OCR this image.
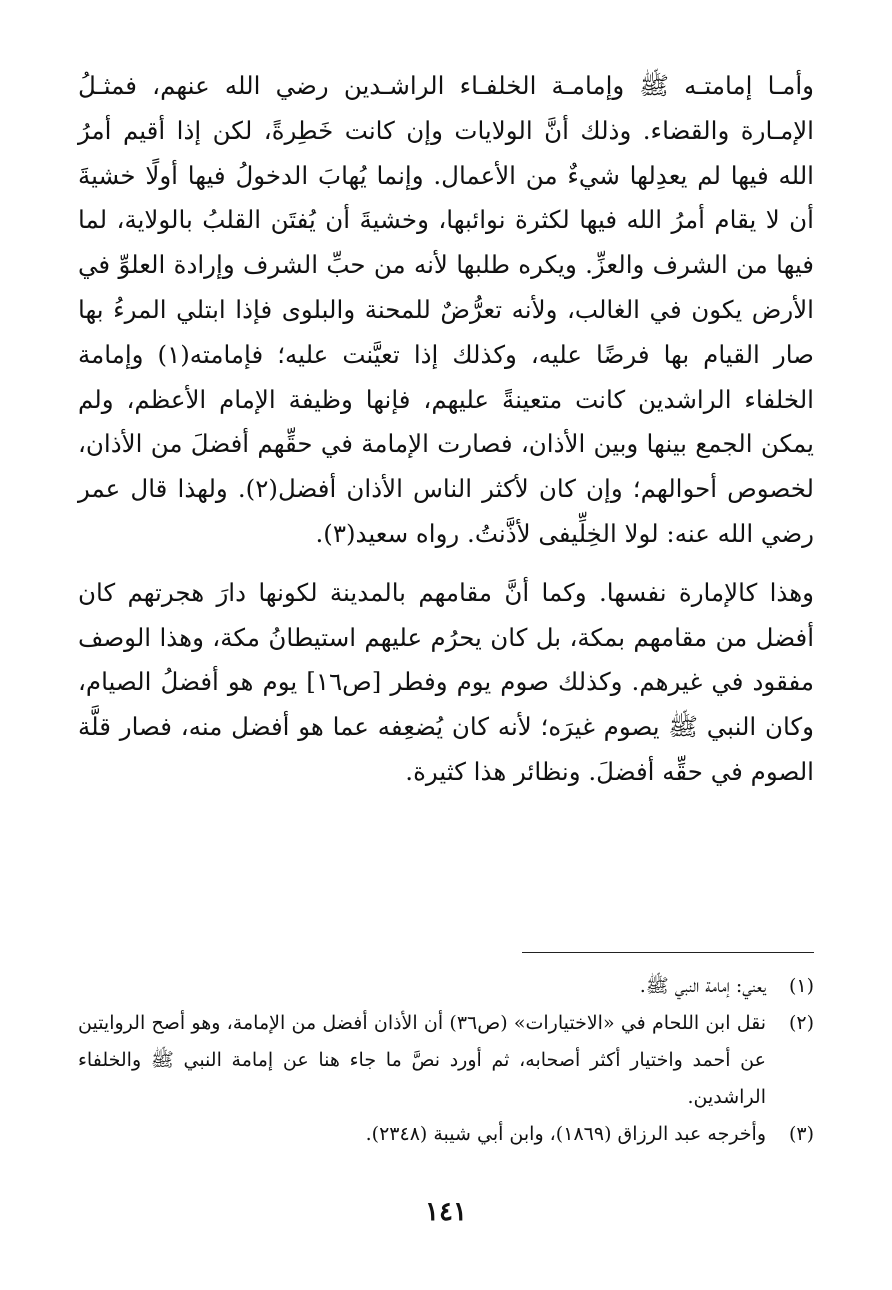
وأمـا إمامتـه ﷺ وإمامـة الخلفـاء الراشـدين رضي الله عنهم، فمثـلُ الإمـارة والقضاء. وذلك أنَّ الولايات وإن كانت خَطِرةً، لكن إذا أقيم أمرُ الله فيها لم يعدِلها شيءٌ من الأعمال. وإنما يُهابَ الدخولُ فيها أولًا خشيةَ أن لا يقام أمرُ الله فيها لكثرة نوائبها، وخشيةَ أن يُفتَن القلبُ بالولاية، لما فيها من الشرف والعزِّ. ويكره طلبها لأنه من حبِّ الشرف وإرادة العلوِّ في الأرض يكون في الغالب، ولأنه تعرُّضٌ للمحنة والبلوى فإذا ابتلي المرءُ بها صار القيام بها فرضًا عليه، وكذلك إذا تعيَّنت عليه؛ فإمامته(١) وإمامة الخلفاء الراشدين كانت متعينةً عليهم، فإنها وظيفة الإمام الأعظم، ولم يمكن الجمع بينها وبين الأذان، فصارت الإمامة في حقِّهم أفضلَ من الأذان، لخصوص أحوالهم؛ وإن كان لأكثر الناس الأذان أفضل(٢). ولهذا قال عمر رضي الله عنه: لولا الخِلِّيفى لأذَّنتُ. رواه سعيد(٣).

وهذا كالإمارة نفسها. وكما أنَّ مقامهم بالمدينة لكونها دارَ هجرتهم كان أفضل من مقامهم بمكة، بل كان يحرُم عليهم استيطانُ مكة، وهذا الوصف مفقود في غيرهم. وكذلك صوم يوم وفطر [ص١٦] يوم هو أفضلُ الصيام، وكان النبي ﷺ يصوم غيرَه؛ لأنه كان يُضعِفه عما هو أفضل منه، فصار قلَّة الصوم في حقِّه أفضلَ. ونظائر هذا كثيرة.

(١)
يعني: إمامة النبي ﷺ.
(٢)
نقل ابن اللحام في «الاختيارات» (ص٣٦) أن الأذان أفضل من الإمامة، وهو أصح الروايتين عن أحمد واختيار أكثر أصحابه، ثم أورد نصَّ ما جاء هنا عن إمامة النبي ﷺ والخلفاء الراشدين.
(٣)
وأخرجه عبد الرزاق (١٨٦٩)، وابن أبي شيبة (٢٣٤٨).
١٤١
